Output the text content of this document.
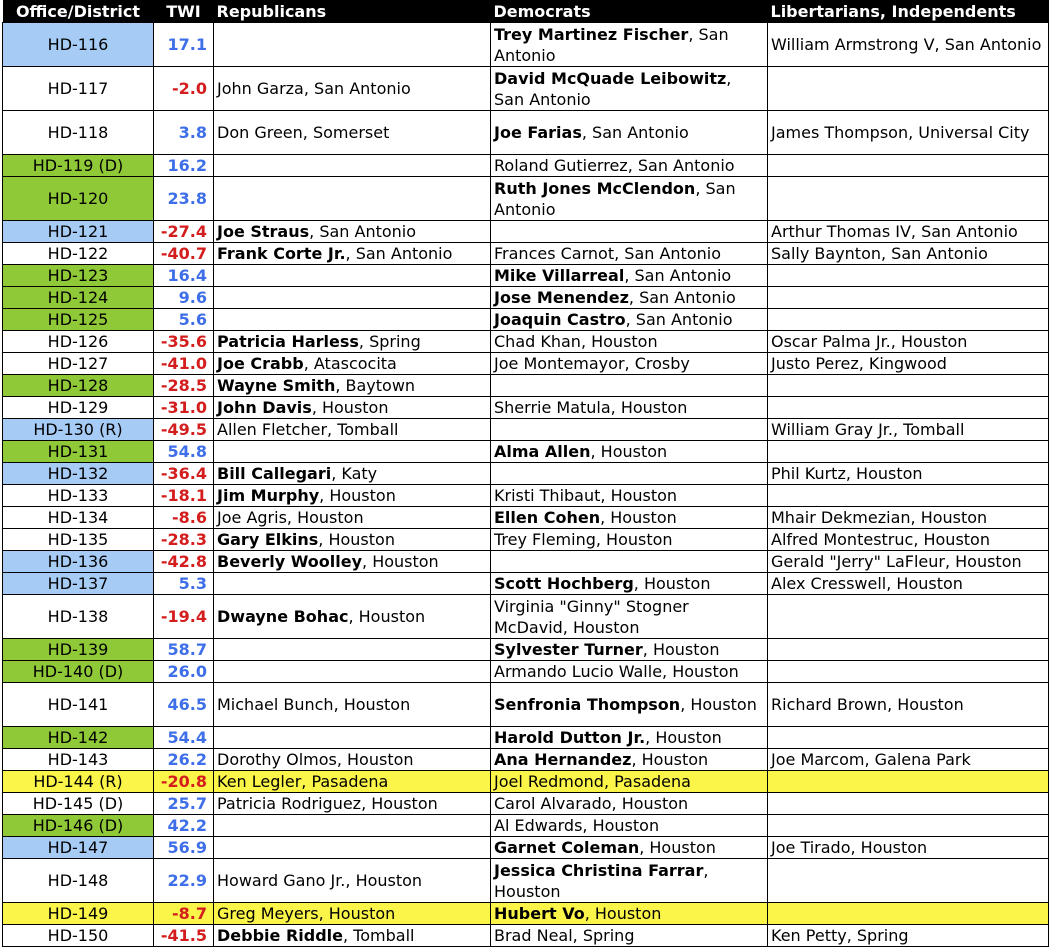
Office/District	TWI	Republicans	Democrats	Libertarians, Independents
HD-116	17.1		Trey Martinez Fischer, San Antonio	William Armstrong V, San Antonio
HD-117	-2.0	John Garza, San Antonio	David McQuade Leibowitz, San Antonio	
HD-118	3.8	Don Green, Somerset	Joe Farias, San Antonio	James Thompson, Universal City
HD-119 (D)	16.2		Roland Gutierrez, San Antonio	
HD-120	23.8		Ruth Jones McClendon, San Antonio	
HD-121	-27.4	Joe Straus, San Antonio		Arthur Thomas IV, San Antonio
HD-122	-40.7	Frank Corte Jr., San Antonio	Frances Carnot, San Antonio	Sally Baynton, San Antonio
HD-123	16.4		Mike Villarreal, San Antonio	
HD-124	9.6		Jose Menendez, San Antonio	
HD-125	5.6		Joaquin Castro, San Antonio	
HD-126	-35.6	Patricia Harless, Spring	Chad Khan, Houston	Oscar Palma Jr., Houston
HD-127	-41.0	Joe Crabb, Atascocita	Joe Montemayor, Crosby	Justo Perez, Kingwood
HD-128	-28.5	Wayne Smith, Baytown		
HD-129	-31.0	John Davis, Houston	Sherrie Matula, Houston	
HD-130 (R)	-49.5	Allen Fletcher, Tomball		William Gray Jr., Tomball
HD-131	54.8		Alma Allen, Houston	
HD-132	-36.4	Bill Callegari, Katy		Phil Kurtz, Houston
HD-133	-18.1	Jim Murphy, Houston	Kristi Thibaut, Houston	
HD-134	-8.6	Joe Agris, Houston	Ellen Cohen, Houston	Mhair Dekmezian, Houston
HD-135	-28.3	Gary Elkins, Houston	Trey Fleming, Houston	Alfred Montestruc, Houston
HD-136	-42.8	Beverly Woolley, Houston		Gerald "Jerry" LaFleur, Houston
HD-137	5.3		Scott Hochberg, Houston	Alex Cresswell, Houston
HD-138	-19.4	Dwayne Bohac, Houston	Virginia "Ginny" Stogner McDavid, Houston	
HD-139	58.7		Sylvester Turner, Houston	
HD-140 (D)	26.0		Armando Lucio Walle, Houston	
HD-141	46.5	Michael Bunch, Houston	Senfronia Thompson, Houston	Richard Brown, Houston
HD-142	54.4		Harold Dutton Jr., Houston	
HD-143	26.2	Dorothy Olmos, Houston	Ana Hernandez, Houston	Joe Marcom, Galena Park
HD-144 (R)	-20.8	Ken Legler, Pasadena	Joel Redmond, Pasadena	
HD-145 (D)	25.7	Patricia Rodriguez, Houston	Carol Alvarado, Houston	
HD-146 (D)	42.2		Al Edwards, Houston	
HD-147	56.9		Garnet Coleman, Houston	Joe Tirado, Houston
HD-148	22.9	Howard Gano Jr., Houston	Jessica Christina Farrar, Houston	
HD-149	-8.7	Greg Meyers, Houston	Hubert Vo, Houston	
HD-150	-41.5	Debbie Riddle, Tomball	Brad Neal, Spring	Ken Petty, Spring
